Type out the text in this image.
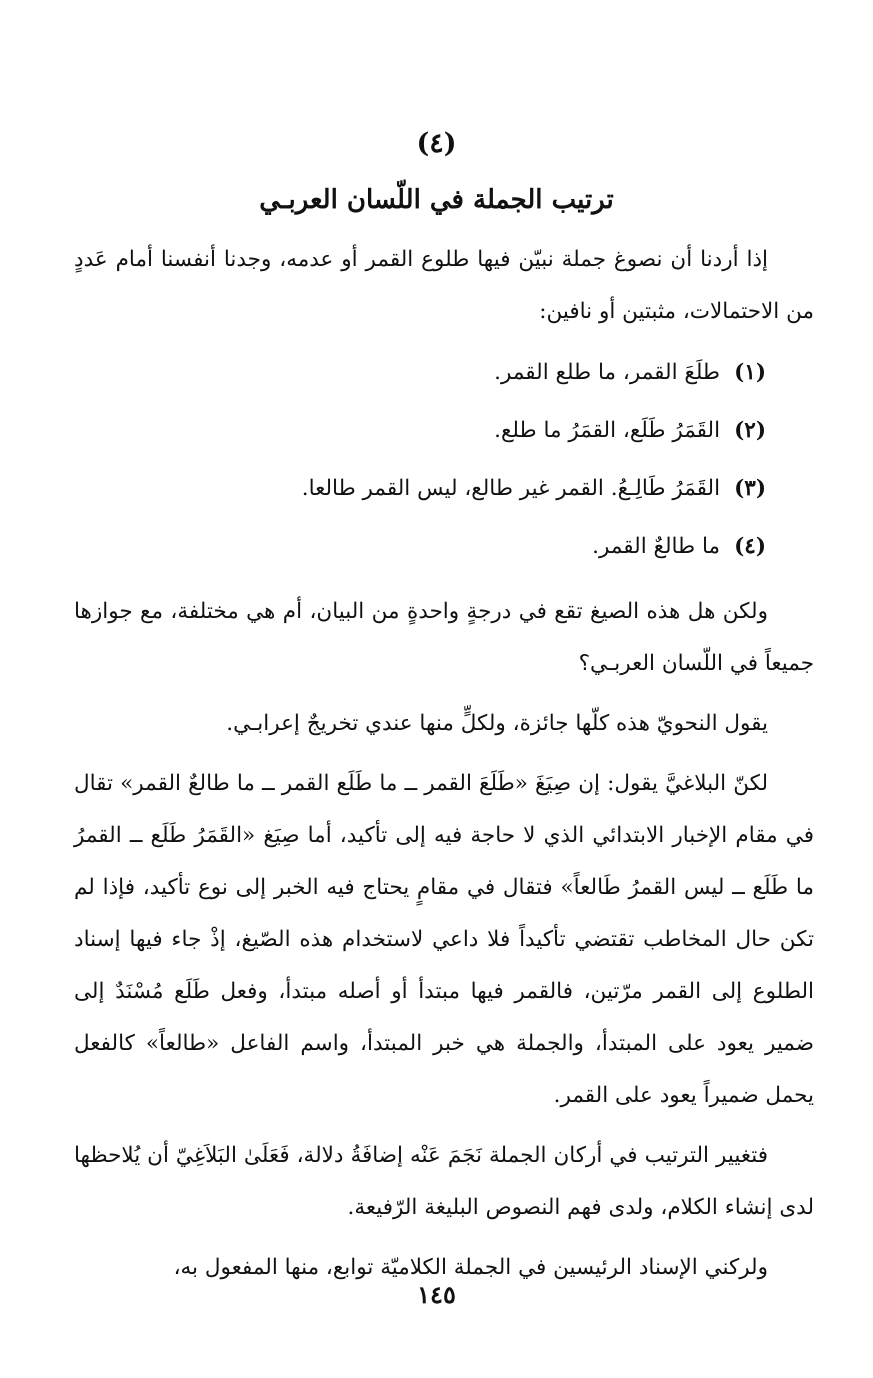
(٤)
ترتيب الجملة في اللّسان العربـي

إذا أردنا أن نصوغ جملة نبيّن فيها طلوع القمر أو عدمه، وجدنا أنفسنا أمام عَددٍ من الاحتمالات، مثبتين أو نافين:

(١)طلَعَ القمر، ما طلع القمر.
(٢)القَمَرُ طَلَع، القمَرُ ما طلع.
(٣)القَمَرُ طَالِـعُ. القمر غير طالع، ليس القمر طالعا.
(٤)ما طالعٌ القمر.

ولكن هل هذه الصيغ تقع في درجةٍ واحدةٍ من البيان، أم هي مختلفة، مع جوازها جميعاً في اللّسان العربـي؟

يقول النحويّ هذه كلّها جائزة، ولكلٍّ منها عندي تخريجٌ إعرابـي.

لكنّ البلاغيَّ يقول: إن صِيَغَ «طَلَعَ القمر ــ ما طَلَع القمر ــ ما طالعٌ القمر» تقال في مقام الإخبار الابتدائي الذي لا حاجة فيه إلى تأكيد، أما صِيَغ «القَمَرُ طَلَع ــ القمرُ ما طَلَع ــ ليس القمرُ طَالعاً» فتقال في مقامٍ يحتاج فيه الخبر إلى نوع تأكيد، فإذا لم تكن حال المخاطب تقتضي تأكيداً فلا داعي لاستخدام هذه الصّيغ، إذْ جاء فيها إسناد الطلوع إلى القمر مرّتين، فالقمر فيها مبتدأ أو أصله مبتدأ، وفعل طَلَع مُسْنَدٌ إلى ضمير يعود على المبتدأ، والجملة هي خبر المبتدأ، واسم الفاعل «طالعاً» كالفعل يحمل ضميراً يعود على القمر.

فتغيير الترتيب في أركان الجملة نَجَمَ عَنْه إضافَةُ دلالة، فَعَلَىٰ البَلاَغِيّ أن يُلاحظها لدى إنشاء الكلام، ولدى فهم النصوص البليغة الرّفيعة.

ولركني الإسناد الرئيسين في الجملة الكلاميّة توابع، منها المفعول به،

١٤٥
